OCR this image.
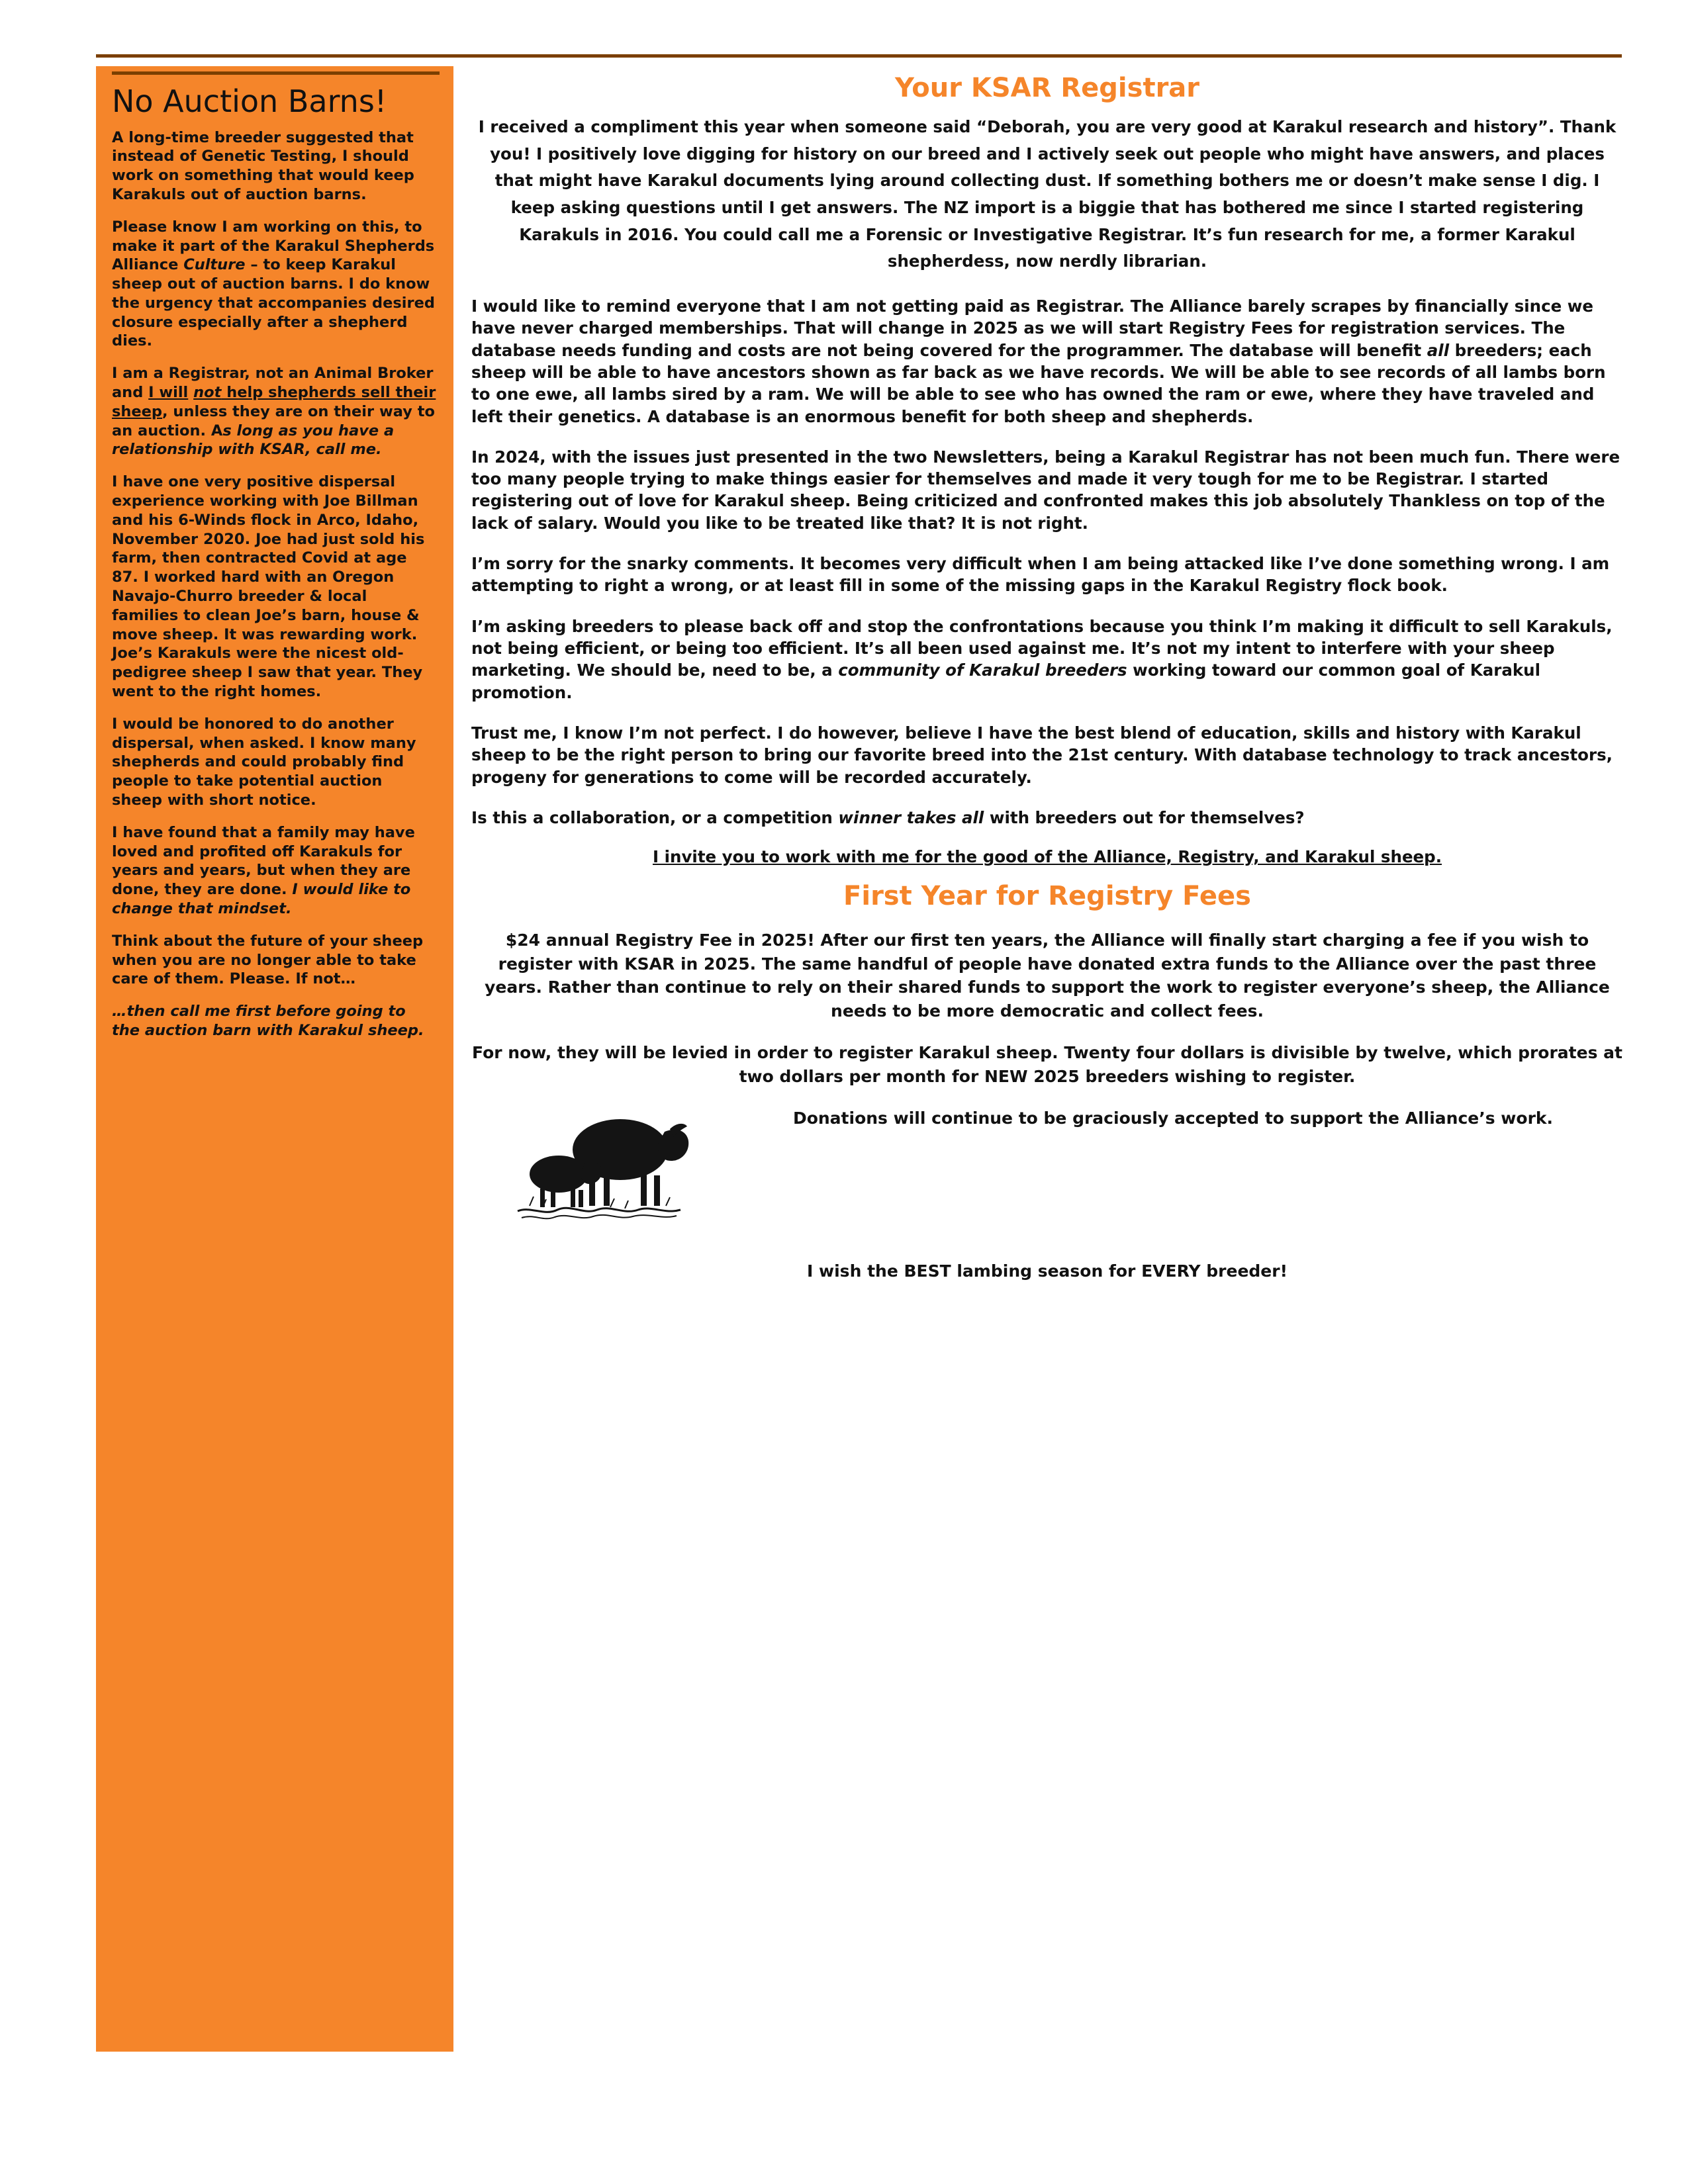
No Auction Barns!

A long-time breeder suggested that instead of Genetic Testing, I should work on something that would keep Karakuls out of auction barns.

Please know I am working on this, to make it part of the Karakul Shepherds Alliance Culture – to keep Karakul sheep out of auction barns. I do know the urgency that accompanies desired closure especially after a shepherd dies.

I am a Registrar, not an Animal Broker and I will not help shepherds sell their sheep, unless they are on their way to an auction. As long as you have a relationship with KSAR, call me.

I have one very positive dispersal experience working with Joe Billman and his 6-Winds flock in Arco, Idaho, November 2020. Joe had just sold his farm, then contracted Covid at age 87. I worked hard with an Oregon Navajo-Churro breeder & local families to clean Joe’s barn, house & move sheep. It was rewarding work. Joe’s Karakuls were the nicest old-pedigree sheep I saw that year. They went to the right homes.

I would be honored to do another dispersal, when asked. I know many shepherds and could probably find people to take potential auction sheep with short notice.

I have found that a family may have loved and profited off Karakuls for years and years, but when they are done, they are done. I would like to change that mindset.

Think about the future of your sheep when you are no longer able to take care of them. Please. If not…

…then call me first before going to the auction barn with Karakul sheep.

Your KSAR Registrar

I received a compliment this year when someone said “Deborah, you are very good at Karakul research and history”. Thank you! I positively love digging for history on our breed and I actively seek out people who might have answers, and places that might have Karakul documents lying around collecting dust. If something bothers me or doesn’t make sense I dig. I keep asking questions until I get answers. The NZ import is a biggie that has bothered me since I started registering Karakuls in 2016. You could call me a Forensic or Investigative Registrar. It’s fun research for me, a former Karakul shepherdess, now nerdly librarian.

I would like to remind everyone that I am not getting paid as Registrar. The Alliance barely scrapes by financially since we have never charged memberships. That will change in 2025 as we will start Registry Fees for registration services. The database needs funding and costs are not being covered for the programmer. The database will benefit all breeders; each sheep will be able to have ancestors shown as far back as we have records. We will be able to see records of all lambs born to one ewe, all lambs sired by a ram. We will be able to see who has owned the ram or ewe, where they have traveled and left their genetics. A database is an enormous benefit for both sheep and shepherds.

In 2024, with the issues just presented in the two Newsletters, being a Karakul Registrar has not been much fun. There were too many people trying to make things easier for themselves and made it very tough for me to be Registrar. I started registering out of love for Karakul sheep. Being criticized and confronted makes this job absolutely Thankless on top of the lack of salary. Would you like to be treated like that? It is not right.

I’m sorry for the snarky comments. It becomes very difficult when I am being attacked like I’ve done something wrong. I am attempting to right a wrong, or at least fill in some of the missing gaps in the Karakul Registry flock book.

I’m asking breeders to please back off and stop the confrontations because you think I’m making it difficult to sell Karakuls, not being efficient, or being too efficient. It’s all been used against me. It’s not my intent to interfere with your sheep marketing. We should be, need to be, a community of Karakul breeders working toward our common goal of Karakul promotion.

Trust me, I know I’m not perfect. I do however, believe I have the best blend of education, skills and history with Karakul sheep to be the right person to bring our favorite breed into the 21st century. With database technology to track ancestors, progeny for generations to come will be recorded accurately.

Is this a collaboration, or a competition winner takes all with breeders out for themselves?

I invite you to work with me for the good of the Alliance, Registry, and Karakul sheep.

First Year for Registry Fees

$24 annual Registry Fee in 2025! After our first ten years, the Alliance will finally start charging a fee if you wish to register with KSAR in 2025. The same handful of people have donated extra funds to the Alliance over the past three years. Rather than continue to rely on their shared funds to support the work to register everyone’s sheep, the Alliance needs to be more democratic and collect fees.

For now, they will be levied in order to register Karakul sheep. Twenty four dollars is divisible by twelve, which prorates at two dollars per month for NEW 2025 breeders wishing to register.

Donations will continue to be graciously accepted to support the Alliance’s work.

I wish the BEST lambing season for EVERY breeder!
